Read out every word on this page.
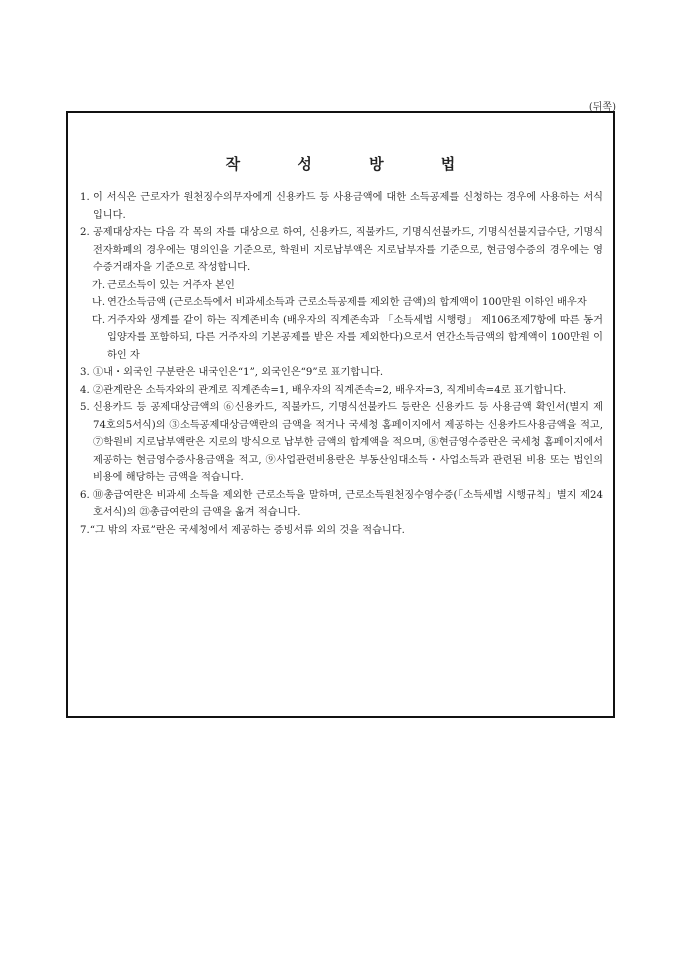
(뒤쪽)
작 성 방 법
1. 이 서식은 근로자가 원천징수의무자에게 신용카드 등 사용금액에 대한 소득공제를 신청하는 경우에 사용하는 서식입니다.
2. 공제대상자는 다음 각 목의 자를 대상으로 하여, 신용카드, 직불카드, 기명식선불카드, 기명식선불지급수단, 기명식전자화폐의 경우에는 명의인을 기준으로, 학원비 지로납부액은 지로납부자를 기준으로, 현금영수증의 경우에는 영수증거래자을 기준으로 작성합니다.
가. 근로소득이 있는 거주자 본인
나. 연간소득금액 (근로소득에서 비과세소득과 근로소득공제를 제외한 금액)의 합계액이 100만원 이하인 배우자
다. 거주자와 생계를 같이 하는 직계존비속 (배우자의 직계존속과 「소득세법 시행령」 제106조제7항에 따른 동거입양자를 포함하되, 다른 거주자의 기본공제를 받은 자를 제외한다)으로서 연간소득금액의 합계액이 100만원 이하인 자
3. ①내・외국인 구분란은 내국인은“1”, 외국인은“9”로 표기합니다.
4. ②관계란은 소득자와의 관계로 직계존속=1, 배우자의 직계존속=2, 배우자=3, 직계비속=4로 표기합니다.
5. 신용카드 등 공제대상금액의 ⑥신용카드, 직불카드, 기명식선불카드 등란은 신용카드 등 사용금액 확인서(별지 제74호의5서식)의 ③소득공제대상금액란의 금액을 적거나 국세청 홈페이지에서 제공하는 신용카드사용금액을 적고, ⑦학원비 지로납부액란은 지로의 방식으로 납부한 금액의 합계액을 적으며, ⑧현금영수증란은 국세청 홈페이지에서 제공하는 현금영수증사용금액을 적고, ⑨사업관련비용란은 부동산임대소득・사업소득과 관련된 비용 또는 법인의 비용에 해당하는 금액을 적습니다.
6. ⑩총급여란은 비과세 소득을 제외한 근로소득을 말하며, 근로소득원천징수영수증(「소득세법 시행규칙」별지 제24호서식)의 ㉑총급여란의 금액을 옮겨 적습니다.
7. “그 밖의 자료”란은 국세청에서 제공하는 증빙서류 외의 것을 적습니다.
